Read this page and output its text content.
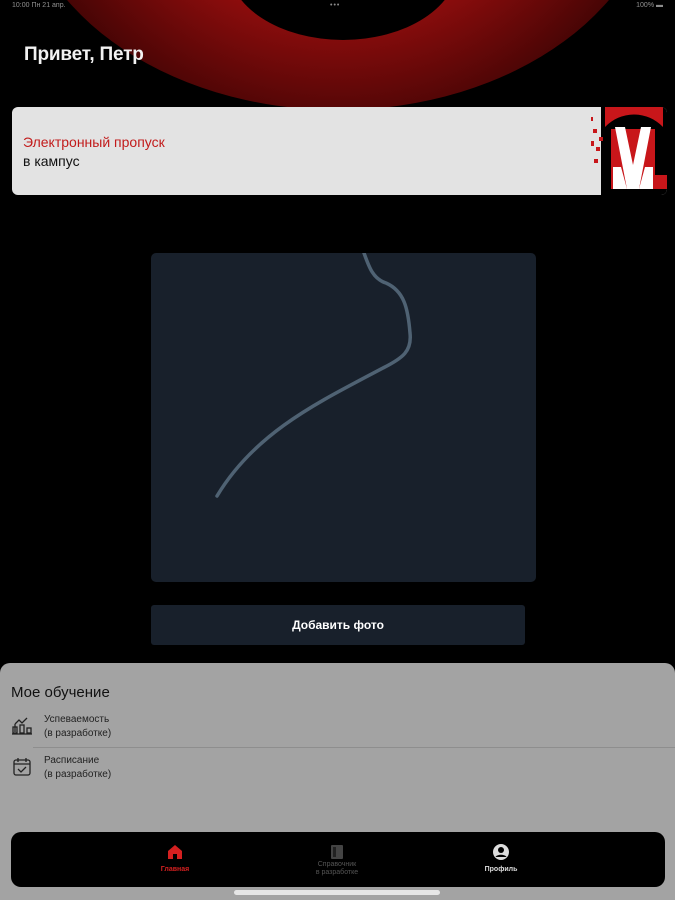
10:00 Пн 21 апр.	•••	100% ▬
Привет, Петр
Электронный пропуск
в кампус
Добавить фото
Мое обучение
Успеваемость
(в разработке)
Расписание
(в разработке)
Главная
Справочник
в разработке	Профиль
